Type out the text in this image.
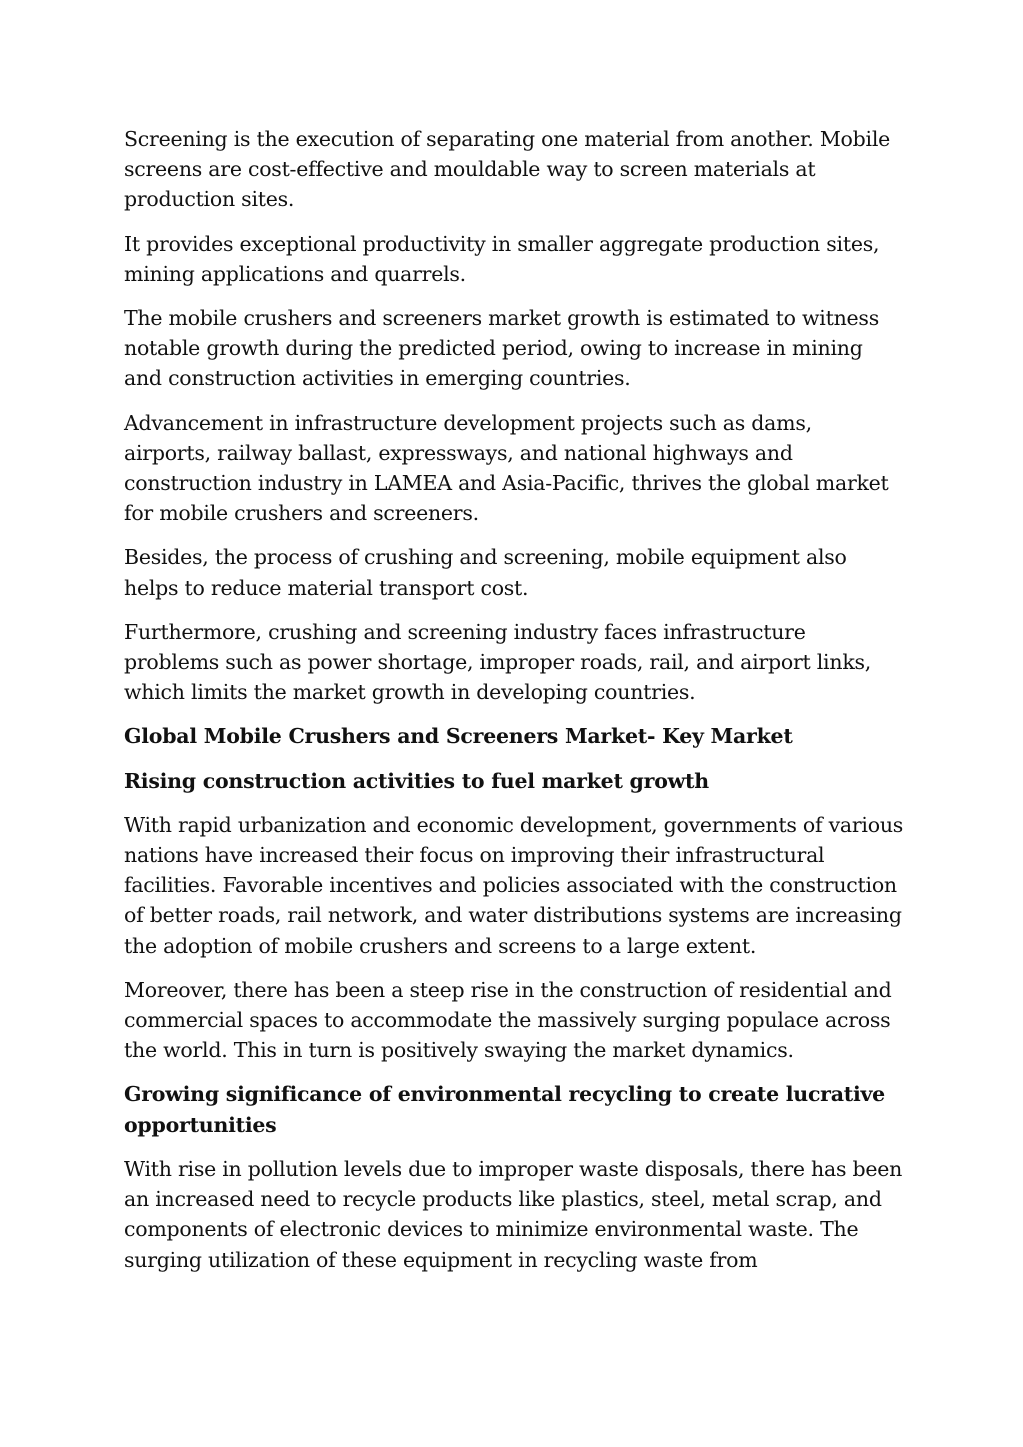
Screening is the execution of separating one material from another. Mobile screens are cost-effective and mouldable way to screen materials at production sites.

It provides exceptional productivity in smaller aggregate production sites, mining applications and quarrels.

The mobile crushers and screeners market growth is estimated to witness notable growth during the predicted period, owing to increase in mining and construction activities in emerging countries.

Advancement in infrastructure development projects such as dams, airports, railway ballast, expressways, and national highways and construction industry in LAMEA and Asia-Pacific, thrives the global market for mobile crushers and screeners.

Besides, the process of crushing and screening, mobile equipment also helps to reduce material transport cost.

Furthermore, crushing and screening industry faces infrastructure problems such as power shortage, improper roads, rail, and airport links, which limits the market growth in developing countries.

Global Mobile Crushers and Screeners Market- Key Market
Rising construction activities to fuel market growth

With rapid urbanization and economic development, governments of various nations have increased their focus on improving their infrastructural facilities. Favorable incentives and policies associated with the construction of better roads, rail network, and water distributions systems are increasing the adoption of mobile crushers and screens to a large extent.

Moreover, there has been a steep rise in the construction of residential and commercial spaces to accommodate the massively surging populace across the world. This in turn is positively swaying the market dynamics.

Growing significance of environmental recycling to create lucrative opportunities

With rise in pollution levels due to improper waste disposals, there has been an increased need to recycle products like plastics, steel, metal scrap, and components of electronic devices to minimize environmental waste. The surging utilization of these equipment in recycling waste from
